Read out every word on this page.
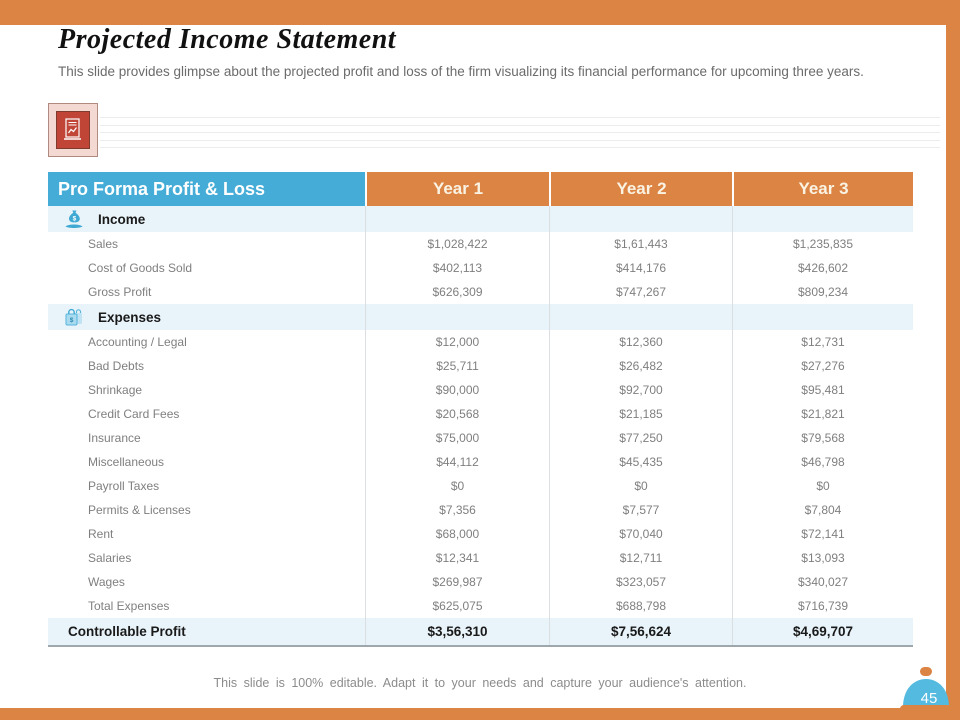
Projected Income Statement
This slide provides glimpse about the projected profit and loss of the firm visualizing its financial performance for upcoming three years.
Pro Forma Profit & Loss	Year 1	Year 2	Year 3
$ Income
Sales	$1,028,422	$1,61,443	$1,235,835
Cost of Goods Sold	$402,113	$414,176	$426,602
Gross Profit	$626,309	$747,267	$809,234
$ Expenses
Accounting / Legal	$12,000	$12,360	$12,731
Bad Debts	$25,711	$26,482	$27,276
Shrinkage	$90,000	$92,700	$95,481
Credit Card Fees	$20,568	$21,185	$21,821
Insurance	$75,000	$77,250	$79,568
Miscellaneous	$44,112	$45,435	$46,798
Payroll Taxes	$0	$0	$0
Permits & Licenses	$7,356	$7,577	$7,804
Rent	$68,000	$70,040	$72,141
Salaries	$12,341	$12,711	$13,093
Wages	$269,987	$323,057	$340,027
Total Expenses	$625,075	$688,798	$716,739
Controllable Profit	$3,56,310	$7,56,624	$4,69,707
This slide is 100% editable. Adapt it to your needs and capture your audience's attention.
45
